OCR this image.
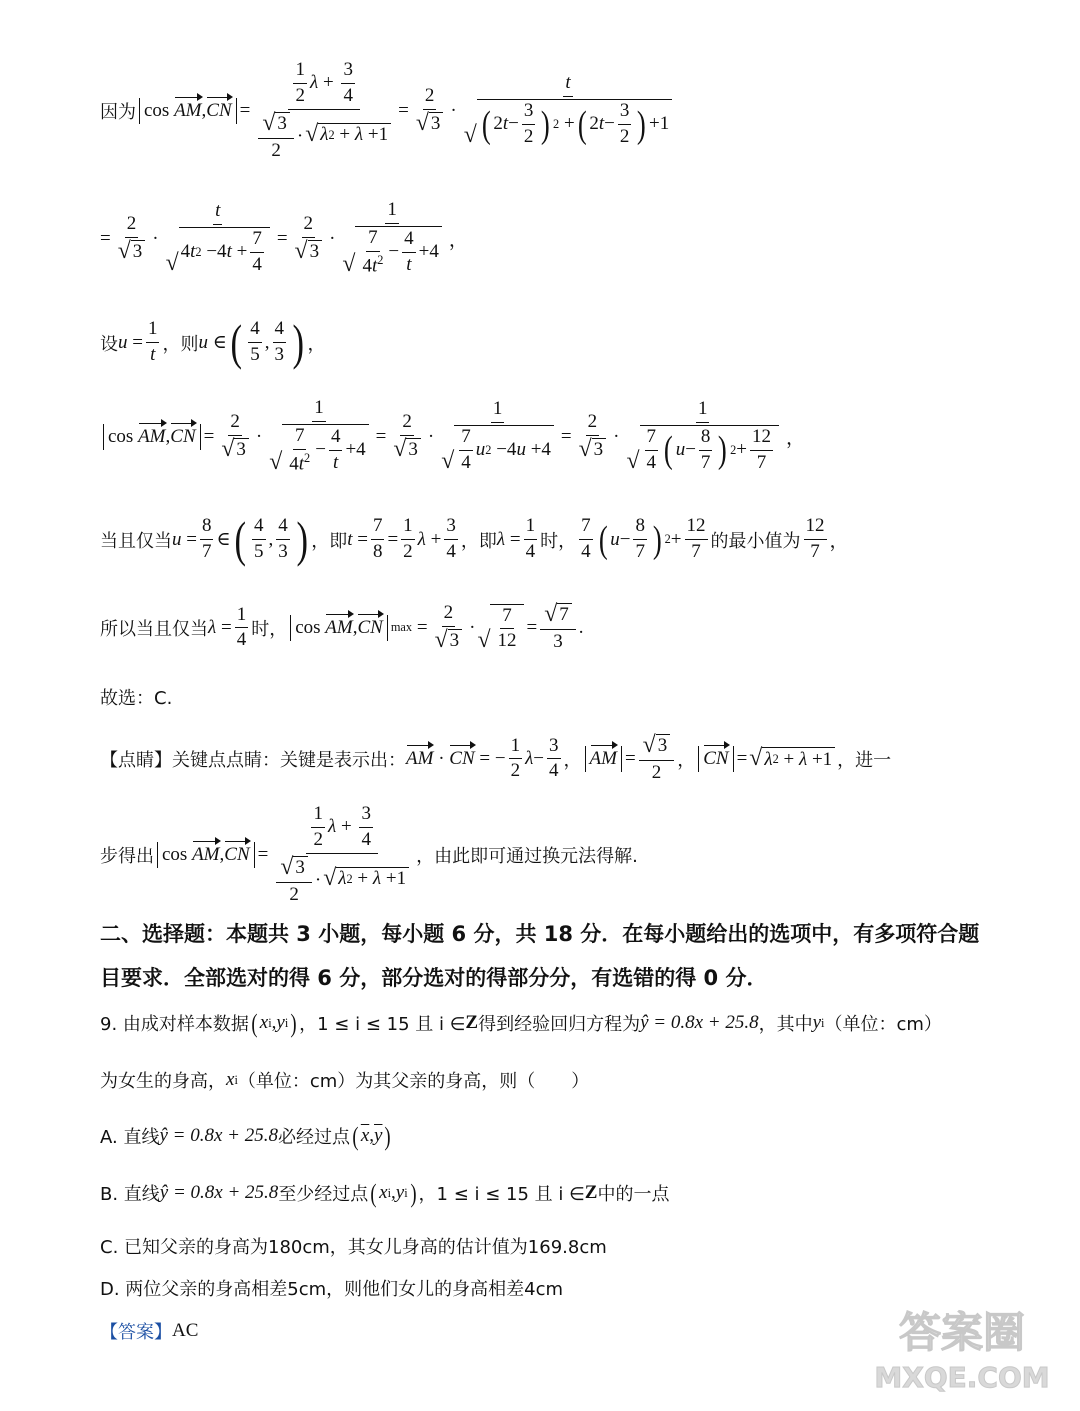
因为 cos AM , CN = $\frac{\frac{1}{2} \lambda + \frac{3}{4}}{\frac{√ 3}{2} \cdot √ \lambda 2 + \lambda +1} = \frac{2}{√ 3} \cdot \frac{t}{√ ( 2 t - \frac{3}{2} ) 2 + ( 2 t - \frac{3}{2} ) +1}$
= $\frac{2}{√ 3} \cdot \frac{t}{√ 4 t 2 -4 t + \frac{7}{4}} = \frac{2}{√ 3} \cdot \frac{1}{√ \frac{7}{4t^2} - \frac{4}{t} +4}$ ，
设 $u = \frac{1}{t}$ ，则 u ∈ ( $\frac{4}{5}$ , $\frac{4}{3}$ ) ，
cos AM , CN = $\frac{2}{√ 3} \cdot \frac{1}{√ \frac{7}{4t^2} - \frac{4}{t} +4} = \frac{2}{√ 3} \cdot \frac{1}{√ \frac{7}{4} u 2 -4 u +4} = \frac{2}{√ 3} \cdot \frac{1}{√ \frac{7}{4} ( u - \frac{8}{7} ) 2 + \frac{12}{7}}$ ，
当且仅当 $u = \frac{8}{7}$ ∈ ( $\frac{4}{5}$ , $\frac{4}{3}$ ) ，即 $t = \frac{7}{8} = \frac{1}{2}$ $\lambda + \frac{3}{4}$ ，即 $\lambda = \frac{1}{4}$ 时， $\frac{7}{4}$ ( $u - \frac{8}{7}$ ) $2 + \frac{12}{7}$ 的最小值为 $\frac{12}{7}$ ，
所以当且仅当 $\lambda = \frac{1}{4}$ 时， cos AM , CN $\max = \frac{2}{√ 3}$ · √ $\frac{7}{12} = \frac{√ 7}{3}$ .
故选：C.
【点睛】 关键点点睛：关键是表示出： AM · CN = − $\frac{1}{2}$ $\lambda - \frac{3}{4}$ ， AM = $\frac{√ 3}{2}$ ， CN = √ λ 2 + λ +1 ， 进一
步得出 cos AM , CN = $\frac{\frac{1}{2} \lambda + \frac{3}{4}}{\frac{√ 3}{2} \cdot √ \lambda 2 + \lambda +1}$ ，由此即可通过换元法得解.
二、选择题：本题共 3 小题，每小题 6 分，共 18 分．在每小题给出的选项中，有多项符合题
目要求．全部选对的得 6 分，部分选对的得部分分，有选错的得 0 分．
9. 由成对样本数据 ( x i , y i ) ，1 ≤ i ≤ 15 且 i ∈ Z 得到经验回归方程为 ŷ = 0.8x + 25.8 ，其中 y i （单位：cm）
为女生的身高， x i （单位：cm）为其父亲的身高，则（　　）
A. 直线 ŷ = 0.8x + 25.8 必经过点 ( $\overline{x}$ , $\overline{y}$ )
B. 直线 ŷ = 0.8x + 25.8 至少经过点 ( x i , y i ) ，1 ≤ i ≤ 15 且 i ∈ Z 中的一点
C. 已知父亲的身高为180cm，其女儿身高的估计值为169.8cm
D. 两位父亲的身高相差5cm，则他们女儿的身高相差4cm
【答案】 AC	答案圈
MXQE.COM
